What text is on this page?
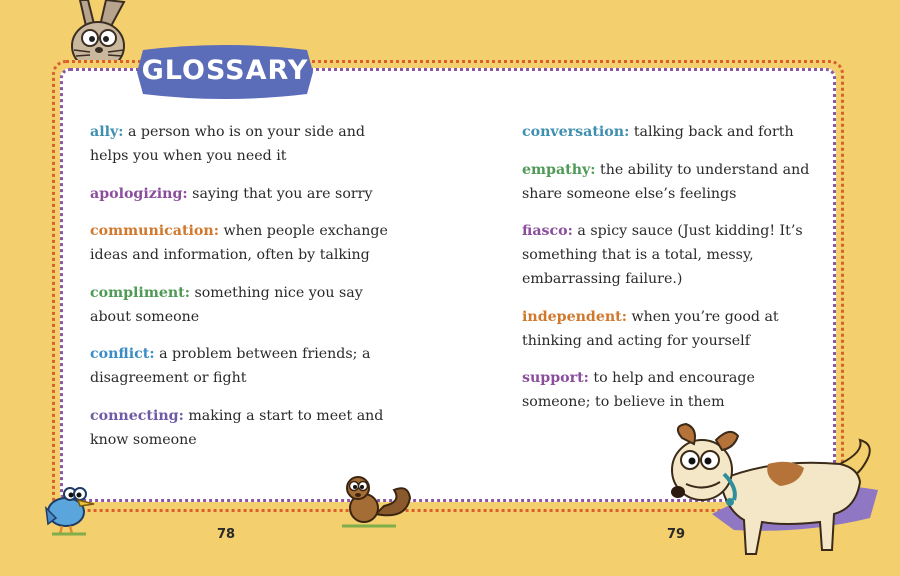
GLOSSARY

ally: a person who is on your side and helps you when you need it

apologizing: saying that you are sorry

communication: when people exchange ideas and information, often by talking

compliment: something nice you say about someone

conflict: a problem between friends; a disagreement or fight

connecting: making a start to meet and know someone

conversation: talking back and forth

empathy: the ability to understand and share someone else’s feelings

fiasco: a spicy sauce (Just kidding! It’s something that is a total, messy, embarrassing failure.)

independent: when you’re good at thinking and acting for yourself

support: to help and encourage someone; to believe in them

78	79
